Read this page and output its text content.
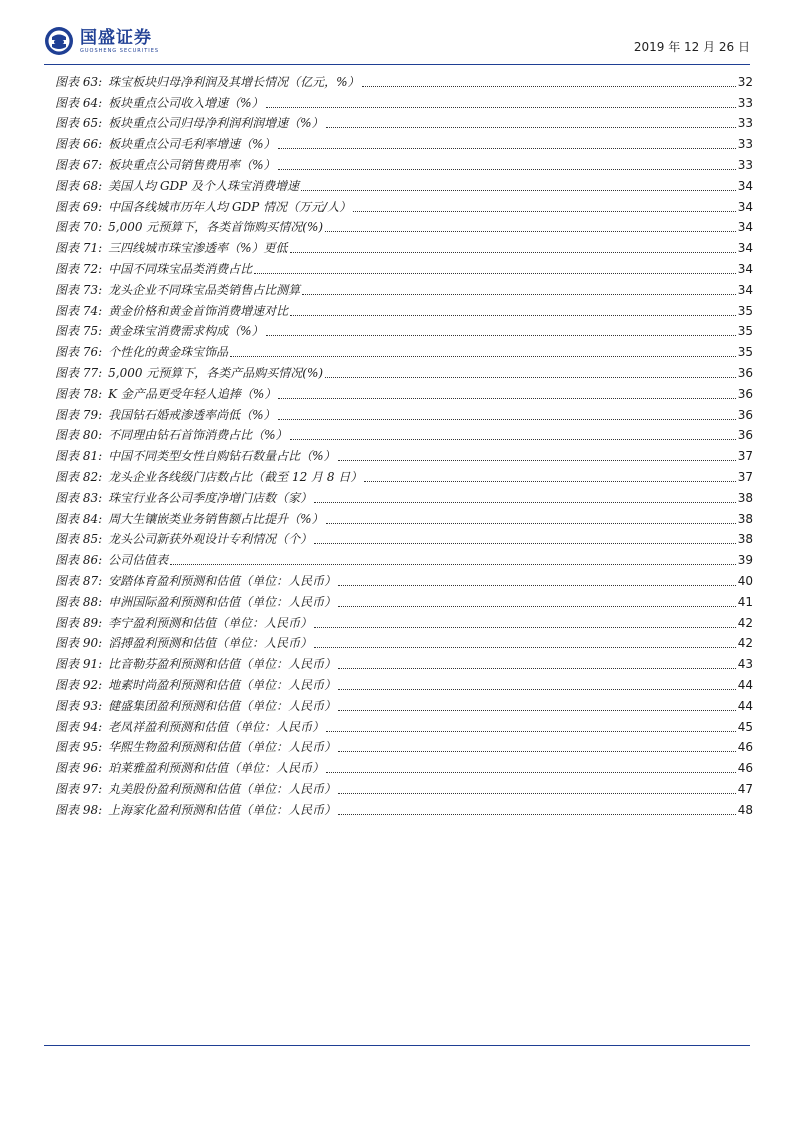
国盛证券
GUOSHENG SECURITIES	2019 年 12 月 26 日
图表 63: 珠宝板块归母净利润及其增长情况（亿元，%）	32
图表 64: 板块重点公司收入增速（%）	33
图表 65: 板块重点公司归母净利润利润增速（%）	33
图表 66: 板块重点公司毛利率增速（%）	33
图表 67: 板块重点公司销售费用率（%）	33
图表 68: 美国人均 GDP 及个人珠宝消费增速	34
图表 69: 中国各线城市历年人均 GDP 情况（万元/人）	34
图表 70: 5,000 元预算下，各类首饰购买情况(%)	34
图表 71: 三四线城市珠宝渗透率（%）更低	34
图表 72: 中国不同珠宝品类消费占比	34
图表 73: 龙头企业不同珠宝品类销售占比测算	34
图表 74: 黄金价格和黄金首饰消费增速对比	35
图表 75: 黄金珠宝消费需求构成（%）	35
图表 76: 个性化的黄金珠宝饰品	35
图表 77: 5,000 元预算下，各类产品购买情况(%)	36
图表 78: K 金产品更受年轻人追捧（%）	36
图表 79: 我国钻石婚戒渗透率尚低（%）	36
图表 80: 不同理由钻石首饰消费占比（%）	36
图表 81: 中国不同类型女性自购钻石数量占比（%）	37
图表 82: 龙头企业各线级门店数占比（截至 12 月 8 日）	37
图表 83: 珠宝行业各公司季度净增门店数（家）	38
图表 84: 周大生镶嵌类业务销售额占比提升（%）	38
图表 85: 龙头公司新获外观设计专利情况（个）	38
图表 86: 公司估值表	39
图表 87: 安踏体育盈利预测和估值（单位：人民币）	40
图表 88: 申洲国际盈利预测和估值（单位：人民币）	41
图表 89: 李宁盈利预测和估值（单位：人民币）	42
图表 90: 滔搏盈利预测和估值（单位：人民币）	42
图表 91: 比音勒芬盈利预测和估值（单位：人民币）	43
图表 92: 地素时尚盈利预测和估值（单位：人民币）	44
图表 93: 健盛集团盈利预测和估值（单位：人民币）	44
图表 94: 老凤祥盈利预测和估值（单位：人民币）	45
图表 95: 华熙生物盈利预测和估值（单位：人民币）	46
图表 96: 珀莱雅盈利预测和估值（单位：人民币）	46
图表 97: 丸美股份盈利预测和估值（单位：人民币）	47
图表 98: 上海家化盈利预测和估值（单位：人民币）	48
